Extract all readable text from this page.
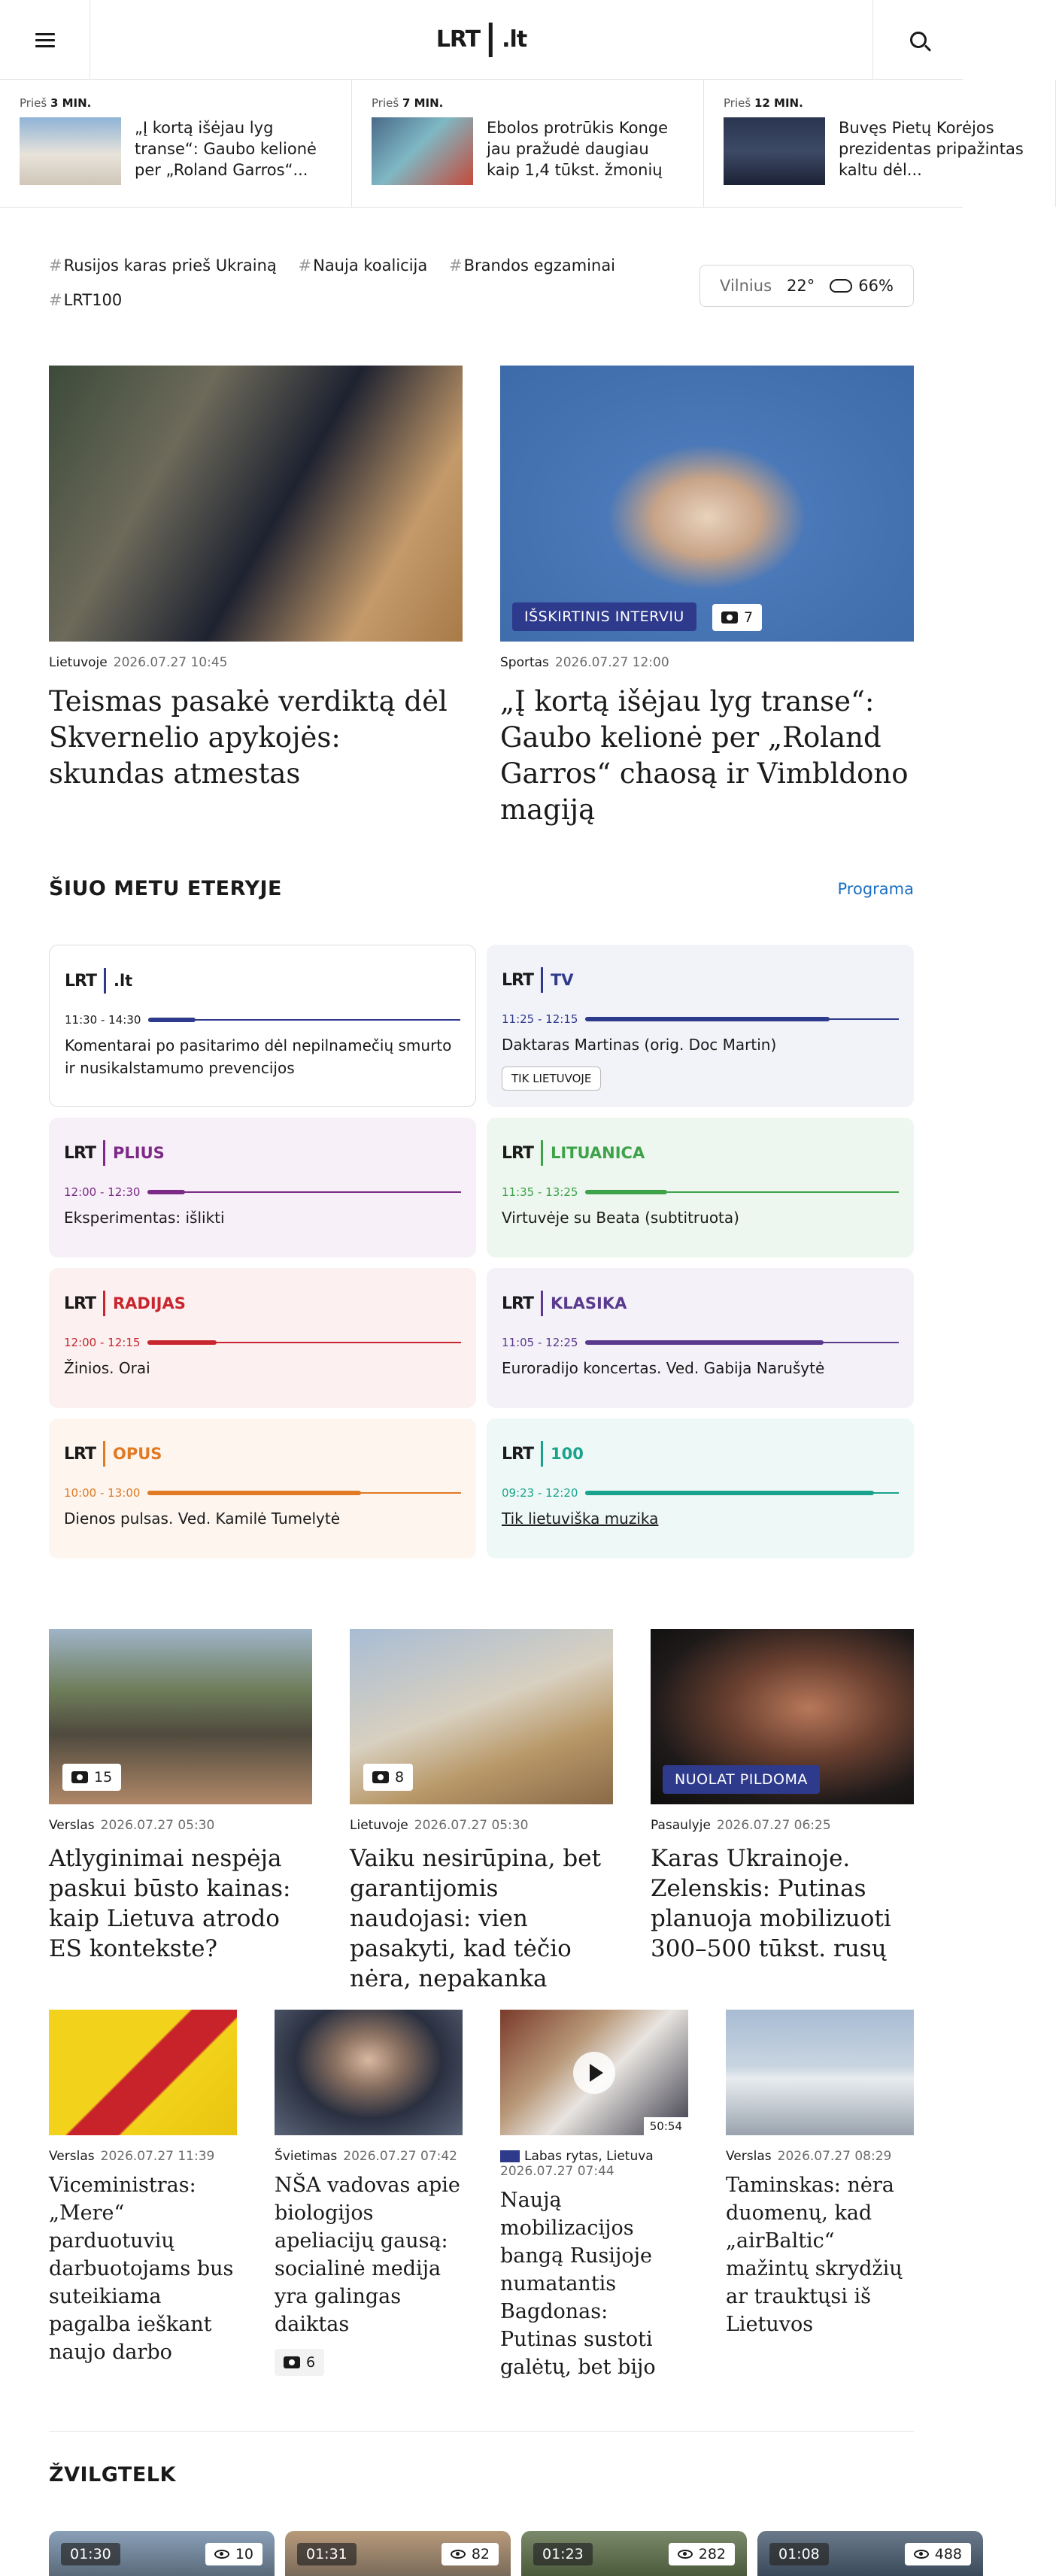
LRT .lt
Prieš 3 MIN.
„Į kortą išėjau lyg transe“: Gaubo kelionė per „Roland Garros“...
Prieš 7 MIN.
Ebolos protrūkis Konge jau pražudė daugiau kaip 1,4 tūkst. žmonių
Prieš 12 MIN.
Buvęs Pietų Korėjos prezidentas pripažintas kaltu dėl...
# Rusijos karas prieš Ukrainą # Nauja koalicija # Brandos egzaminai # LRT100
Vilnius 22°	66%
Lietuvoje 2026.07.27 10:45
Teismas pasakė verdiktą dėl Skvernelio apykojės: skundas atmestas
IŠSKIRTINIS INTERVIU	7
Sportas 2026.07.27 12:00
„Į kortą išėjau lyg transe“: Gaubo kelionė per „Roland Garros“ chaosą ir Vimbldono magiją
ŠIUO METU ETERYJE	Programa
LRT .lt
11:30 - 14:30
Komentarai po pasitarimo dėl nepilnamečių smurto ir nusikalstamumo prevencijos
LRT TV
11:25 - 12:15
Daktaras Martinas (orig. Doc Martin)
TIK LIETUVOJE
LRT PLIUS
12:00 - 12:30
Eksperimentas: išlikti
LRT LITUANICA
11:35 - 13:25
Virtuvėje su Beata (subtitruota)
LRT RADIJAS
12:00 - 12:15
Žinios. Orai
LRT KLASIKA
11:05 - 12:25
Euroradijo koncertas. Ved. Gabija Narušytė
LRT OPUS
10:00 - 13:00
Dienos pulsas. Ved. Kamilė Tumelytė
LRT 100
09:23 - 12:20
Tik lietuviška muzika
15
Verslas 2026.07.27 05:30
Atlyginimai nespėja paskui būsto kainas: kaip Lietuva atrodo ES kontekste?
8
Lietuvoje 2026.07.27 05:30
Vaiku nesirūpina, bet garantijomis naudojasi: vien pasakyti, kad tėčio nėra, nepakanka
NUOLAT PILDOMA
Pasaulyje 2026.07.27 06:25
Karas Ukrainoje. Zelenskis: Putinas planuoja mobilizuoti 300–500 tūkst. rusų
Verslas 2026.07.27 11:39
Viceministras: „Mere“ parduotuvių darbuotojams bus suteikiama pagalba ieškant naujo darbo
Švietimas 2026.07.27 07:42
NŠA vadovas apie biologijos apeliacijų gausą: socialinė medija yra galingas daiktas
6
50:54
Labas rytas, Lietuva
2026.07.27 07:44
Naują mobilizacijos bangą Rusijoje numatantis Bagdonas: Putinas sustoti galėtų, bet bijo
Verslas 2026.07.27 08:29
Taminskas: nėra duomenų, kad „airBaltic“ mažintų skrydžių ar trauktųsi iš Lietuvos
ŽVILGTELK
01:30	10	01:31	82	01:23	282	01:08	488
